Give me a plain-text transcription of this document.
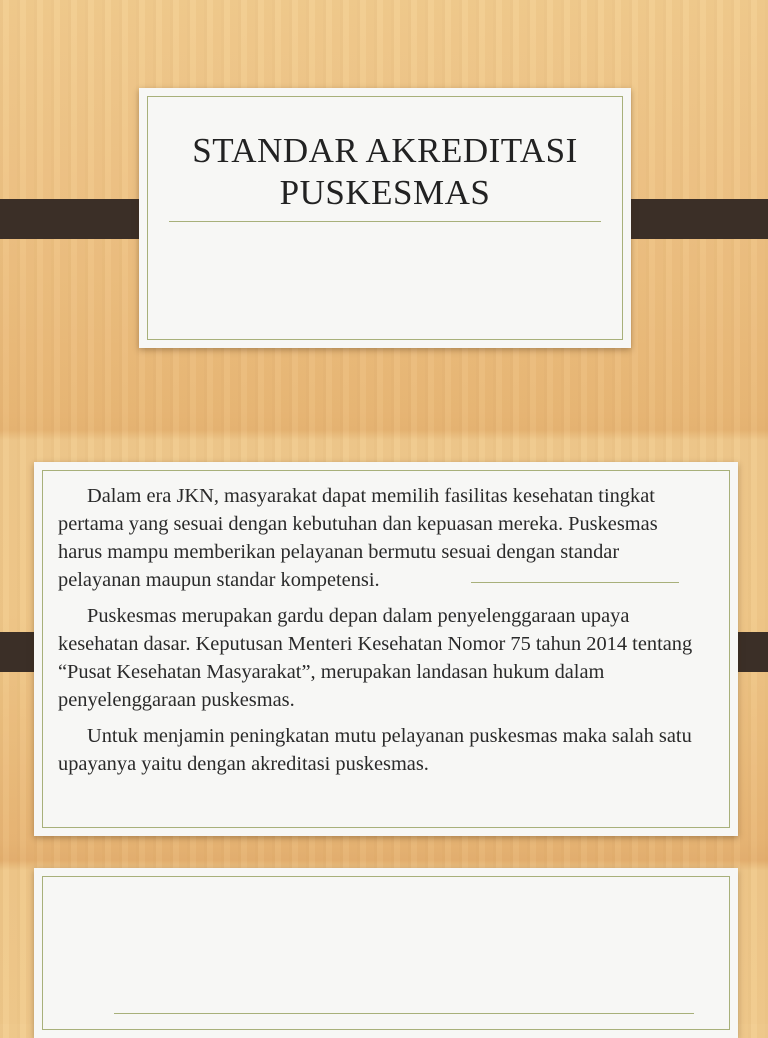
STANDAR AKREDITASI
PUSKESMAS

Dalam era JKN, masyarakat dapat memilih fasilitas kesehatan tingkat pertama yang sesuai dengan kebutuhan dan kepuasan mereka. Puskesmas harus mampu memberikan pelayanan bermutu sesuai dengan standar pelayanan maupun standar kompetensi.

Puskesmas merupakan gardu depan dalam penyelenggaraan upaya kesehatan dasar. Keputusan Menteri Kesehatan Nomor 75 tahun 2014 tentang “Pusat Kesehatan Masyarakat”, merupakan landasan hukum dalam penyelenggaraan puskesmas.

Untuk menjamin peningkatan mutu pelayanan puskesmas maka salah satu upayanya yaitu dengan akreditasi puskesmas.
